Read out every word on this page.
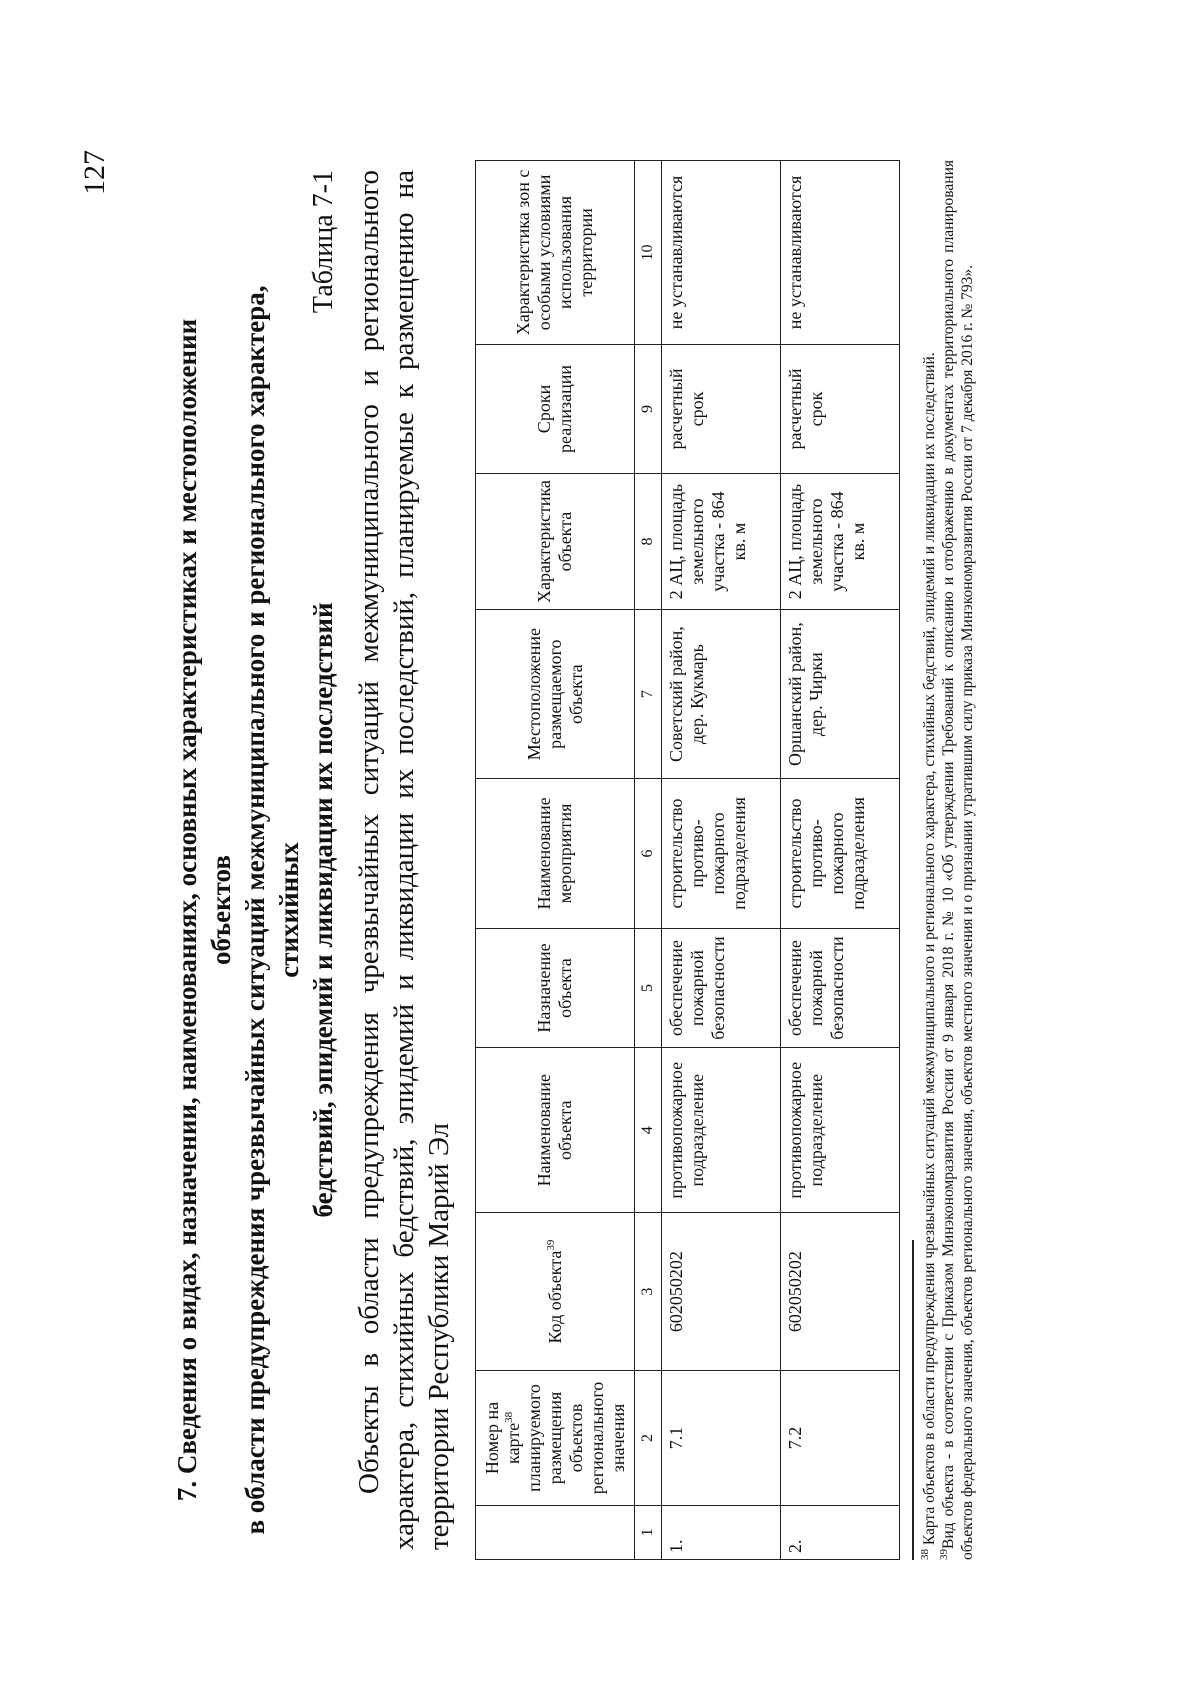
127
7. Сведения о видах, назначении, наименованиях, основных характеристиках и местоположении объектов в области предупреждения чрезвычайных ситуаций межмуниципального и регионального характера, стихийных бедствий, эпидемий и ликвидации их последствий
Таблица 7-1 Объекты в области предупреждения чрезвычайных ситуаций межмуниципального и регионального характера, стихийных бедствий, эпидемий и ликвидации их последствий, планируемые к размещению на территории Республики Марий Эл
	Номер на карте$^{38}$ планируемого размещения объектов регионального значения	Код объекта$^{39}$	Наименование объекта	Назначение объекта	Наименование мероприятия	Местоположение размещаемого объекта	Характеристика объекта	Сроки реализации	Характеристика зон с особыми условиями использования территории
1	2	3	4	5	6	7	8	9	10
1.	7.1	602050202	противопожарное подразделение	обеспечение пожарной безопасности	строительство противо-пожарного подразделения	Советский район, дер. Кукмарь	2 АЦ, площадь земельного участка - 864 кв. м	расчетный срок	не устанавливаются
2.	7.2	602050202	противопожарное подразделение	обеспечение пожарной безопасности	строительство противо-пожарного подразделения	Оршанский район, дер. Чирки	2 АЦ, площадь земельного участка - 864 кв. м	расчетный срок	не устанавливаются

$^{38}$ Карта объектов в области предупреждения чрезвычайных ситуаций межмуниципального и регионального характера, стихийных бедствий, эпидемий и ликвидации их последствий.

$^{39}$Вид объекта - в соответствии с Приказом Минэкономразвития России от 9 января 2018 г. № 10 «Об утверждении Требований к описанию и отображению в документах территориального планирования объектов федерального значения, объектов регионального значения, объектов местного значения и о признании утратившим силу приказа Минэкономразвития России от 7 декабря 2016 г. № 793».
